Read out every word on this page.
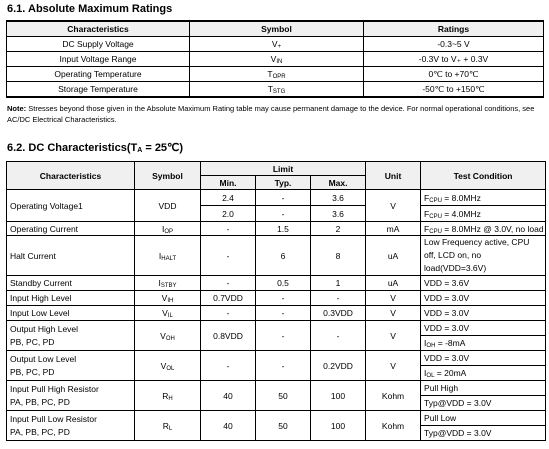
6.1. Absolute Maximum Ratings
Characteristics	Symbol	Ratings
DC Supply Voltage	$V_+$	-0.3~5 V
Input Voltage Range	$V_{IN}$	-0.3V to V₊ + 0.3V
Operating Temperature	$T_{OPR}$	0℃ to +70℃
Storage Temperature	$T_{STG}$	-50℃ to +150℃
Note: Stresses beyond those given in the Absolute Maximum Rating table may cause permanent damage to the device. For normal operational conditions, see AC/DC Electrical Characteristics.
6.2. DC $Characteristics(T_A$ = 25℃)
Characteristics	Symbol	Limit			Unit	Test Condition
		Min.	Typ.	Max.		
Operating Voltage1	VDD	2.4	-	3.6	V	$F_{CPU} = 8.0MHz$
		2.0	-	3.6		$F_{CPU} = 4.0MHz$
Operating Current	$I_{OP}$	-	1.5	2	mA	$F_{CPU} = 8.0MHz$ @ 3.0V, no load
Halt Current	$I_{HALT}$	-	6	8	uA	Low Frequency active, CPU off, LCD on, no load(VDD=3.6V)
Standby Current	$I_{STBY}$	-	0.5	1	uA	VDD = 3.6V
Input High Level	$V_{IH}$	0.7VDD	-	-	V	VDD = 3.0V
Input Low Level	$V_{IL}$	-	-	0.3VDD	V	VDD = 3.0V
Output High Level
PB, PC, PD	$V_{OH}$	0.8VDD	-	-	V	VDD = 3.0V
						$I_{OH} = -8mA$
Output Low Level
PB, PC, PD	$V_{OL}$	-	-	0.2VDD	V	VDD = 3.0V
						$I_{OL} = 20mA$
Input Pull High Resistor
PA, PB, PC, PD	$R_H$	40	50	100	Kohm	Pull High
						Typ@VDD = 3.0V
Input Pull Low Resistor
PA, PB, PC, PD	$R_L$	40	50	100	Kohm	Pull Low
						Typ@VDD = 3.0V
